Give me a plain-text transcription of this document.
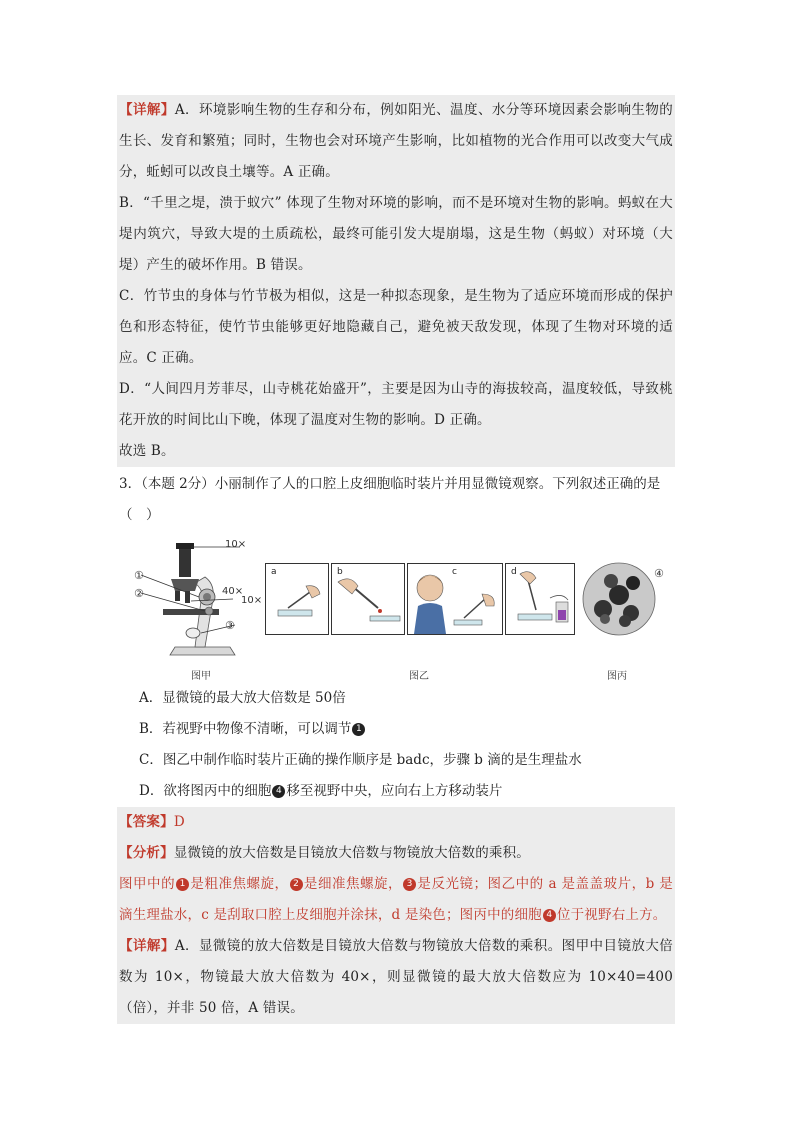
【详解】A．环境影响生物的生存和分布，例如阳光、温度、水分等环境因素会影响生物的生长、发育和繁殖；同时，生物也会对环境产生影响，比如植物的光合作用可以改变大气成分，蚯蚓可以改良土壤等。A 正确。
B．“千里之堤，溃于蚁穴” 体现了生物对环境的影响，而不是环境对生物的影响。蚂蚁在大堤内筑穴，导致大堤的土质疏松，最终可能引发大堤崩塌，这是生物（蚂蚁）对环境（大堤）产生的破坏作用。B 错误。
C．竹节虫的身体与竹节极为相似，这是一种拟态现象，是生物为了适应环境而形成的保护色和形态特征，使竹节虫能够更好地隐藏自己，避免被天敌发现，体现了生物对环境的适应。C 正确。
D．“人间四月芳菲尽，山寺桃花始盛开”，主要是因为山寺的海拔较高，温度较低，导致桃花开放的时间比山下晚，体现了温度对生物的影响。D 正确。
故选 B。
3．（本题 2分）小丽制作了人的口腔上皮细胞临时装片并用显微镜观察。下列叙述正确的是（　）
10×
①
②	40×
10×
③
图甲
a	b	c	d
图乙
④
图丙
A．显微镜的最大放大倍数是 50倍
B．若视野中物像不清晰，可以调节 1
C．图乙中制作临时装片正确的操作顺序是 badc，步骤 b 滴的是生理盐水
D．欲将图丙中的细胞 4 移至视野中央，应向右上方移动装片
【答案】D
【分析】显微镜的放大倍数是目镜放大倍数与物镜放大倍数的乘积。
图甲中的 1 是粗准焦螺旋， 2 是细准焦螺旋， 3 是反光镜；图乙中的 a 是盖盖玻片，b 是滴生理盐水，c 是刮取口腔上皮细胞并涂抹，d 是染色；图丙中的细胞 4 位于视野右上方。
【详解】A．显微镜的放大倍数是目镜放大倍数与物镜放大倍数的乘积。图甲中目镜放大倍数为 10×，物镜最大放大倍数为 40×，则显微镜的最大放大倍数应为 10×40=400（倍），并非 50 倍，A 错误。
